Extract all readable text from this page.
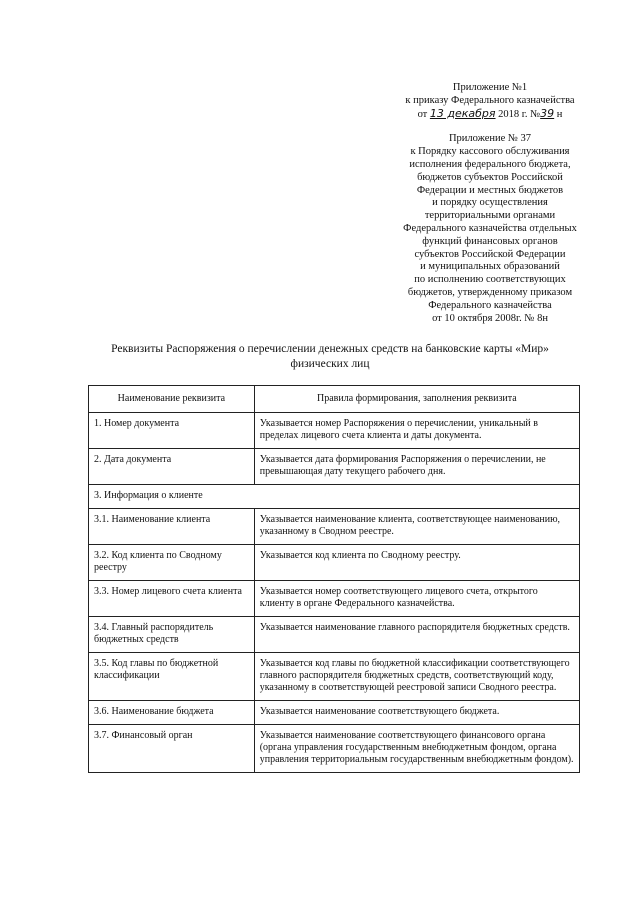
Приложение №1
к приказу Федерального казначейства
от 13 декабря 2018 г. №39 н
Приложение № 37
к Порядку кассового обслуживания
исполнения федерального бюджета,
бюджетов субъектов Российской
Федерации и местных бюджетов
и порядку осуществления
территориальными органами
Федерального казначейства отдельных
функций финансовых органов
субъектов Российской Федерации
и муниципальных образований
по исполнению соответствующих
бюджетов, утвержденному приказом
Федерального казначейства
от 10 октября 2008г. № 8н
Реквизиты Распоряжения о перечислении денежных средств на банковские карты «Мир»
физических лиц
Наименование реквизита	Правила формирования, заполнения реквизита
1. Номер документа	Указывается номер Распоряжения о перечислении, уникальный в пределах лицевого счета клиента и даты документа.
2. Дата документа	Указывается дата формирования Распоряжения о перечислении, не превышающая дату текущего рабочего дня.
3. Информация о клиенте	
3.1. Наименование клиента	Указывается наименование клиента, соответствующее наименованию, указанному в Сводном реестре.
3.2. Код клиента по Сводному реестру	Указывается код клиента по Сводному реестру.
3.3. Номер лицевого счета клиента	Указывается номер соответствующего лицевого счета, открытого клиенту в органе Федерального казначейства.
3.4. Главный распорядитель бюджетных средств	Указывается наименование главного распорядителя бюджетных средств.
3.5. Код главы по бюджетной классификации	Указывается код главы по бюджетной классификации соответствующего главного распорядителя бюджетных средств, соответствующий коду, указанному в соответствующей реестровой записи Сводного реестра.
3.6. Наименование бюджета	Указывается наименование соответствующего бюджета.
3.7. Финансовый орган	Указывается наименование соответствующего финансового органа (органа управления государственным внебюджетным фондом, органа управления территориальным государственным внебюджетным фондом).
